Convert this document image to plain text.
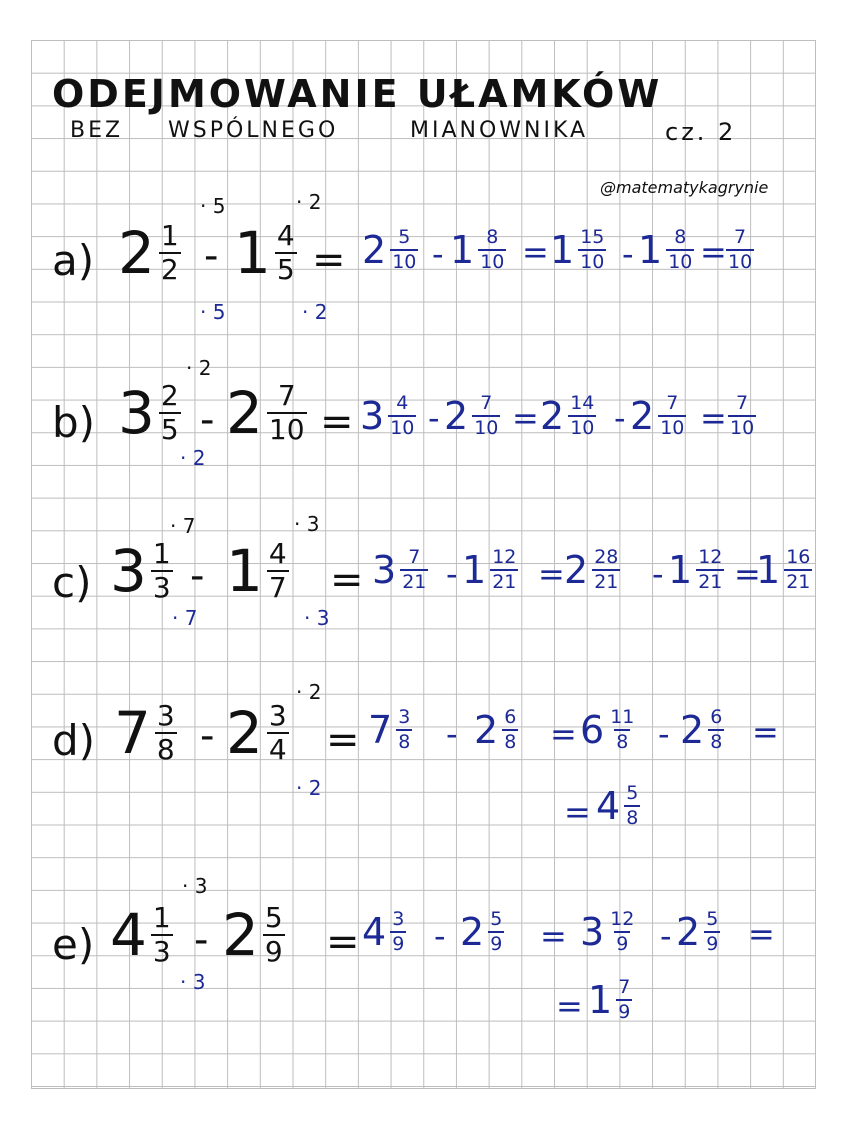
ODEJMOWANIE UŁAMKÓW
BEZ WSPÓLNEGO	MIANOWNIKA	cz. 2
@matematykagrynie
a) $2 \frac{1}{2} - 1 \frac{4}{5}$
· 5
· 5
· 2
· 2
= $2 \frac{5}{10} - 1 \frac{8}{10} = 1 \frac{15}{10} - 1 \frac{8}{10} = \frac{7}{10}$
b) $3 \frac{2}{5} - 2 \frac{7}{10}$
· 2
· 2
= $3 \frac{4}{10} - 2 \frac{7}{10} = 2 \frac{14}{10} - 2 \frac{7}{10} = \frac{7}{10}$
c) $3 \frac{1}{3} - 1 \frac{4}{7}$
· 7
· 7
· 3
· 3
= $3 \frac{7}{21} - 1 \frac{12}{21} = 2 \frac{28}{21} - 1 \frac{12}{21}$ =
$1 \frac{16}{21}$
d) $7 \frac{3}{8} - 2 \frac{3}{4}$
· 2
· 2
= $7 \frac{3}{8} - 2 \frac{6}{8} = 6 \frac{11}{8} - 2 \frac{6}{8}$ =
= $4 \frac{5}{8}$
e) $4 \frac{1}{3} - 2 \frac{5}{9}$
· 3
· 3
= $4 \frac{3}{9} - 2 \frac{5}{9} = 3 \frac{12}{9} - 2 \frac{5}{9}$ =
= $1 \frac{7}{9}$
